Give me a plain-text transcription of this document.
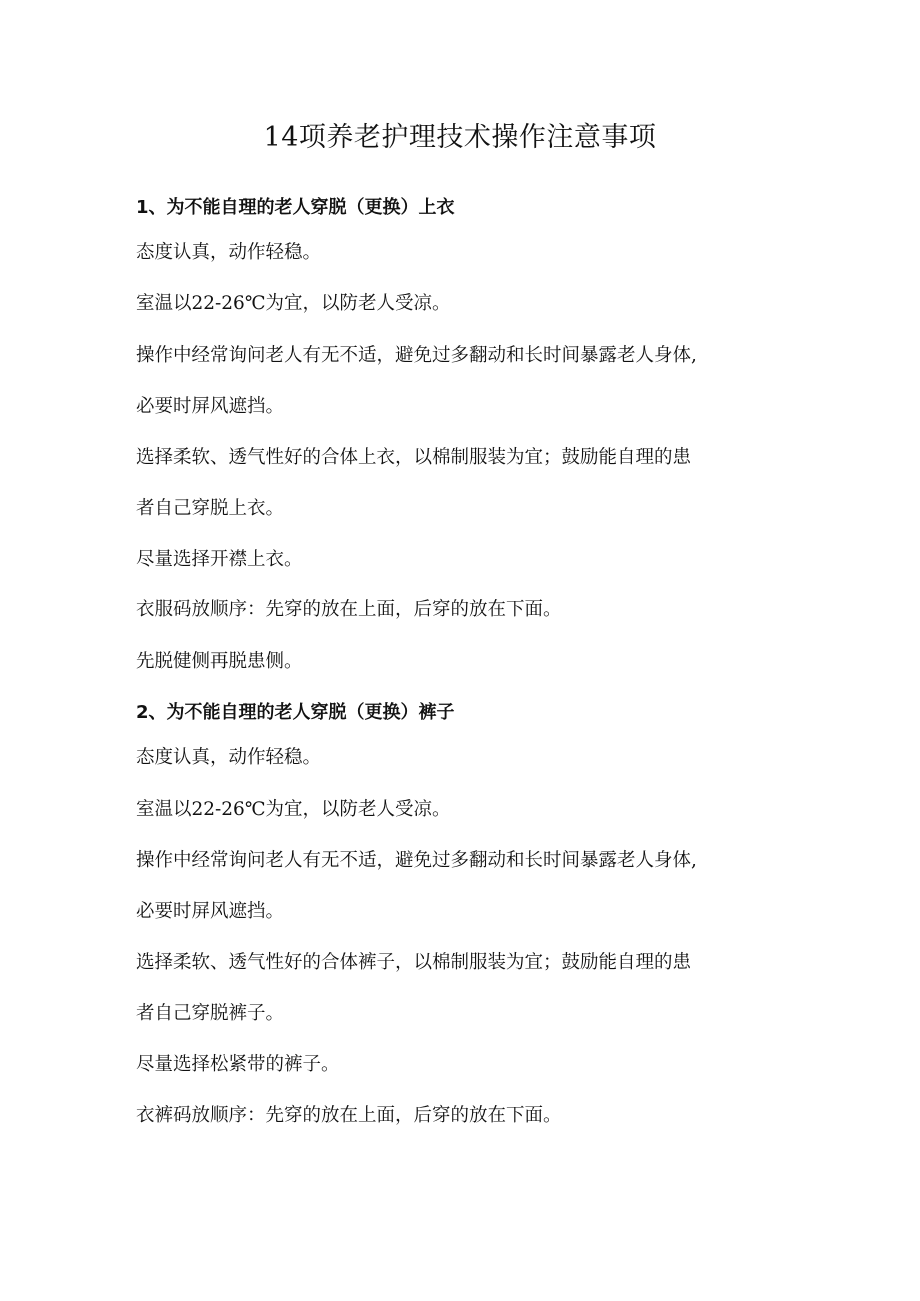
14项养老护理技术操作注意事项

1、为不能自理的老人穿脱（更换）上衣

态度认真，动作轻稳。

室温以22-26℃为宜，以防老人受凉。

操作中经常询问老人有无不适，避免过多翻动和长时间暴露老人身体,

必要时屏风遮挡。

选择柔软、透气性好的合体上衣，以棉制服装为宜；鼓励能自理的患

者自己穿脱上衣。

尽量选择开襟上衣。

衣服码放顺序：先穿的放在上面，后穿的放在下面。

先脱健侧再脱患侧。

2、为不能自理的老人穿脱（更换）裤子

态度认真，动作轻稳。

室温以22-26℃为宜，以防老人受凉。

操作中经常询问老人有无不适，避免过多翻动和长时间暴露老人身体,

必要时屏风遮挡。

选择柔软、透气性好的合体裤子，以棉制服装为宜；鼓励能自理的患

者自己穿脱裤子。

尽量选择松紧带的裤子。

衣裤码放顺序：先穿的放在上面，后穿的放在下面。
